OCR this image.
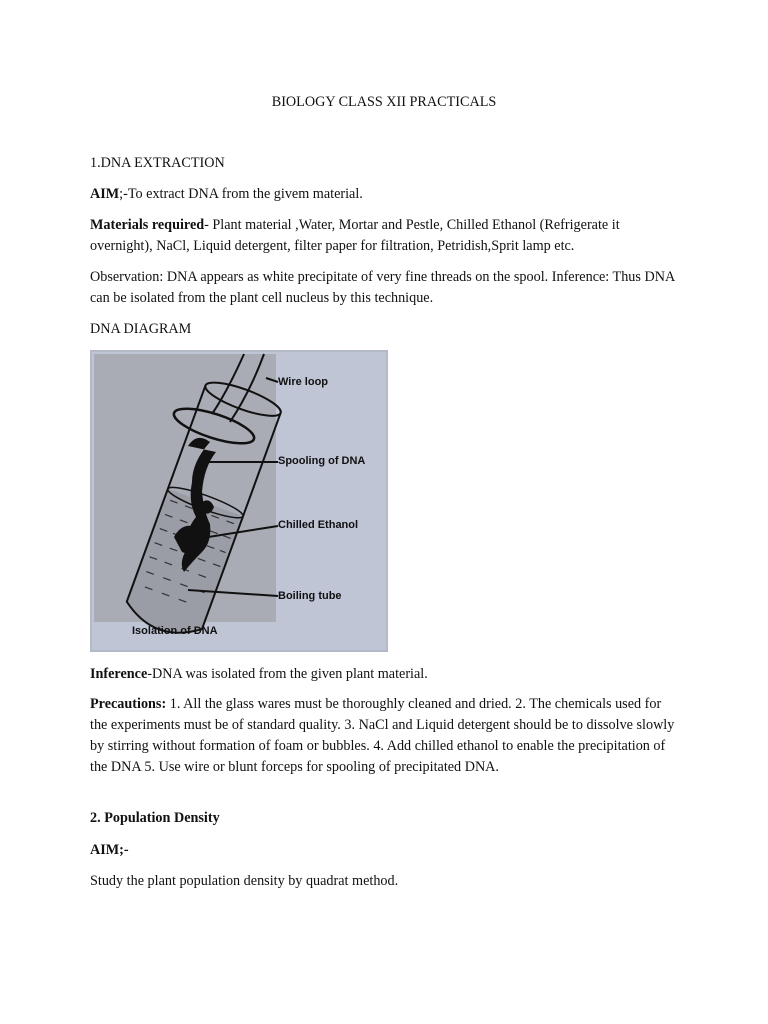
BIOLOGY CLASS XII PRACTICALS

1.DNA EXTRACTION

AIM;-To extract DNA from the givem material.

Materials required- Plant material ,Water, Mortar and Pestle, Chilled Ethanol (Refrigerate it overnight), NaCl, Liquid detergent, filter paper for filtration, Petridish,Sprit lamp etc.

Observation: DNA appears as white precipitate of very fine threads on the spool. Inference: Thus DNA can be isolated from the plant cell nucleus by this technique.

DNA DIAGRAM

Wire loop
Spooling of DNA
Chilled Ethanol
Boiling tube
Isolation of DNA

Inference-DNA was isolated from the given plant material.

Precautions: 1. All the glass wares must be thoroughly cleaned and dried. 2. The chemicals used for the experiments must be of standard quality. 3. NaCl and Liquid detergent should be to dissolve slowly by stirring without formation of foam or bubbles. 4. Add chilled ethanol to enable the precipitation of the DNA 5. Use wire or blunt forceps for spooling of precipitated DNA.

2. Population Density

AIM;-

Study the plant population density by quadrat method.
